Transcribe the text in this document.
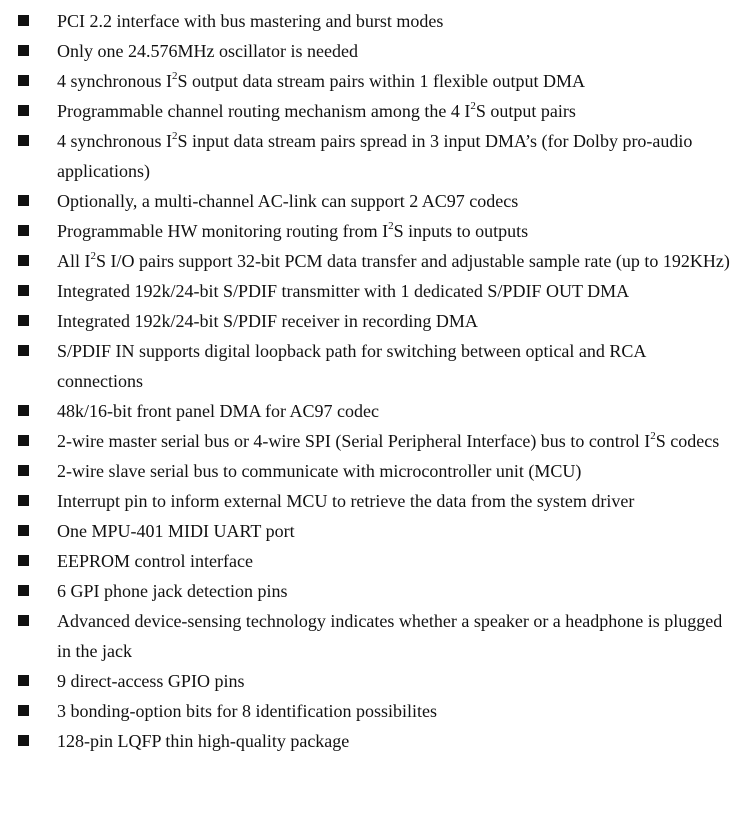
PCI 2.2 interface with bus mastering and burst modes
Only one 24.576MHz oscillator is needed
4 synchronous $I^2S$ output data stream pairs within 1 flexible output DMA
Programmable channel routing mechanism among the 4 $I^2S$ output pairs
4 synchronous $I^2S$ input data stream pairs spread in 3 input DMA’s (for Dolby pro-audio applications)
Optionally, a multi-channel AC-link can support 2 AC97 codecs
Programmable HW monitoring routing from $I^2S$ inputs to outputs
All $I^2S$ I/O pairs support 32-bit PCM data transfer and adjustable sample rate (up to 192KHz)
Integrated 192k/24-bit S/PDIF transmitter with 1 dedicated S/PDIF OUT DMA
Integrated 192k/24-bit S/PDIF receiver in recording DMA
S/PDIF IN supports digital loopback path for switching between optical and RCA connections
48k/16-bit front panel DMA for AC97 codec
2-wire master serial bus or 4-wire SPI (Serial Peripheral Interface) bus to control $I^2S$ codecs
2-wire slave serial bus to communicate with microcontroller unit (MCU)
Interrupt pin to inform external MCU to retrieve the data from the system driver
One MPU-401 MIDI UART port
EEPROM control interface
6 GPI phone jack detection pins
Advanced device-sensing technology indicates whether a speaker or a headphone is plugged in the jack
9 direct-access GPIO pins
3 bonding-option bits for 8 identification possibilites
128-pin LQFP thin high-quality package
